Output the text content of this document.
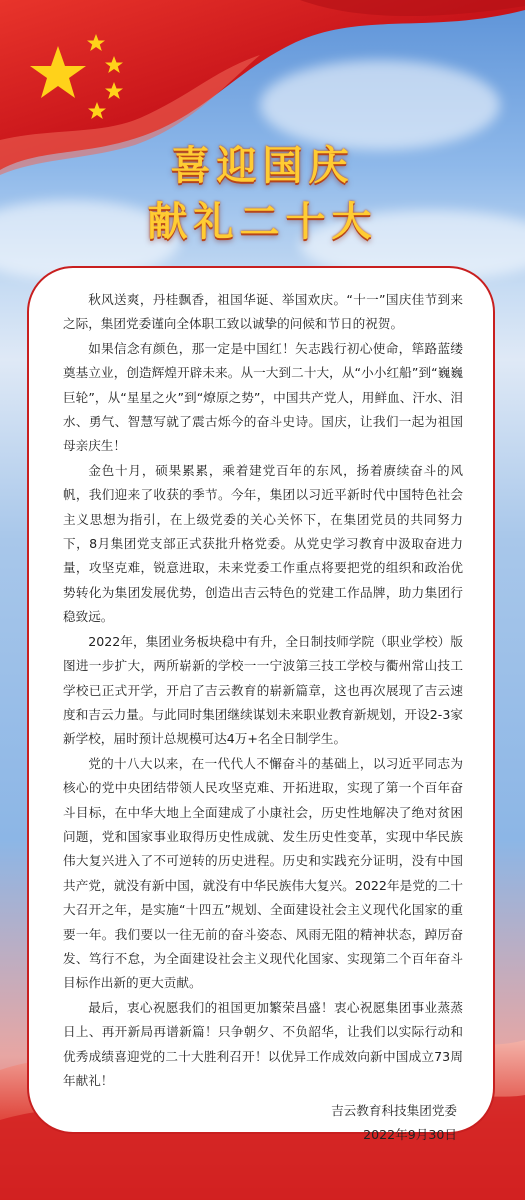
喜迎国庆
献礼二十大

秋风送爽，丹桂飘香，祖国华诞、举国欢庆。“十一”国庆佳节到来之际，集团党委谨向全体职工致以诚挚的问候和节日的祝贺。

如果信念有颜色，那一定是中国红！矢志践行初心使命，筚路蓝缕奠基立业，创造辉煌开辟未来。从一大到二十大，从“小小红船”到“巍巍巨轮”，从“星星之火”到“燎原之势”，中国共产党人，用鲜血、汗水、泪水、勇气、智慧写就了震古烁今的奋斗史诗。国庆，让我们一起为祖国母亲庆生！

金色十月，硕果累累，乘着建党百年的东风，扬着赓续奋斗的风帆，我们迎来了收获的季节。今年，集团以习近平新时代中国特色社会主义思想为指引，在上级党委的关心关怀下，在集团党员的共同努力下，8月集团党支部正式获批升格党委。从党史学习教育中汲取奋进力量，攻坚克难，锐意进取，未来党委工作重点将要把党的组织和政治优势转化为集团发展优势，创造出吉云特色的党建工作品牌，助力集团行稳致远。

2022年，集团业务板块稳中有升，全日制技师学院（职业学校）版图进一步扩大，两所崭新的学校一一宁波第三技工学校与衢州常山技工学校已正式开学，开启了吉云教育的崭新篇章，这也再次展现了吉云速度和吉云力量。与此同时集团继续谋划未来职业教育新规划，开设2-3家新学校，届时预计总规模可达4万+名全日制学生。

党的十八大以来，在一代代人不懈奋斗的基础上，以习近平同志为核心的党中央团结带领人民攻坚克难、开拓进取，实现了第一个百年奋斗目标，在中华大地上全面建成了小康社会，历史性地解决了绝对贫困问题，党和国家事业取得历史性成就、发生历史性变革，实现中华民族伟大复兴进入了不可逆转的历史进程。历史和实践充分证明，没有中国共产党，就没有新中国，就没有中华民族伟大复兴。2022年是党的二十大召开之年，是实施“十四五”规划、全面建设社会主义现代化国家的重要一年。我们要以一往无前的奋斗姿态、风雨无阻的精神状态，踔厉奋发、笃行不怠，为全面建设社会主义现代化国家、实现第二个百年奋斗目标作出新的更大贡献。

最后，衷心祝愿我们的祖国更加繁荣昌盛！衷心祝愿集团事业蒸蒸日上、再开新局再谱新篇！只争朝夕、不负韶华，让我们以实际行动和优秀成绩喜迎党的二十大胜利召开！以优异工作成效向新中国成立73周年献礼！

吉云教育科技集团党委
2022年9月30日
